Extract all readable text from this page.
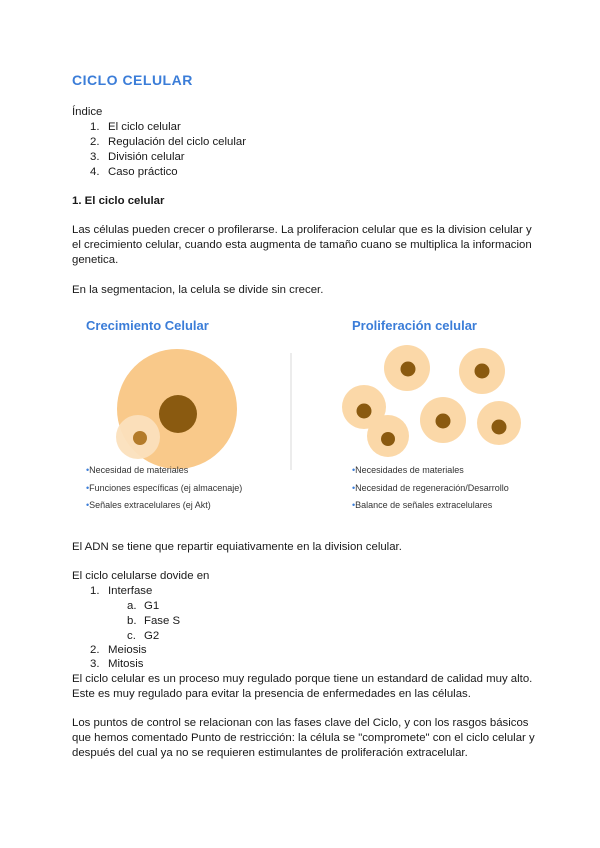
CICLO CELULAR
Índice
1. El ciclo celular
2. Regulación del ciclo celular
3. División celular
4. Caso práctico
1. El ciclo celular
Las células pueden crecer o profilerarse. La proliferacion celular que es la division celular y
el crecimiento celular, cuando esta augmenta de tamaño cuano se multiplica la informacion
genetica.
En la segmentacion, la celula se divide sin crecer.
Crecimiento Celular	Proliferación celular
•Necesidad de materiales
•Funciones específicas (ej almacenaje)
•Señales extracelulares (ej Akt)
•Necesidades de materiales
•Necesidad de regeneración/Desarrollo
•Balance de señales extracelulares
El ADN se tiene que repartir equiativamente en la division celular.
El ciclo celularse dovide en
1. Interfase
a. G1
b. Fase S
c. G2
2. Meiosis
3. Mitosis
El ciclo celular es un proceso muy regulado porque tiene un estandard de calidad muy alto.
Este es muy regulado para evitar la presencia de enfermedades en las células.
Los puntos de control se relacionan con las fases clave del Ciclo, y con los rasgos básicos
que hemos comentado Punto de restricción: la célula se "compromete" con el ciclo celular y
después del cual ya no se requieren estimulantes de proliferación extracelular.
